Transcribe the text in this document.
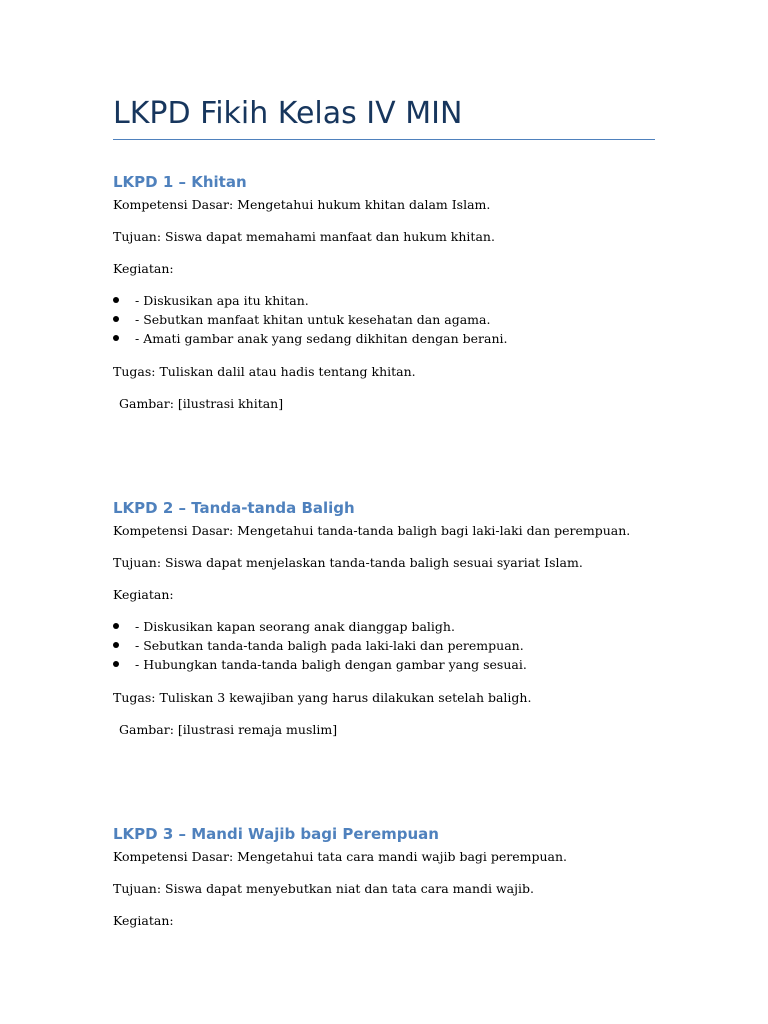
LKPD Fikih Kelas IV MIN
LKPD 1 – Khitan

Kompetensi Dasar: Mengetahui hukum khitan dalam Islam.

Tujuan: Siswa dapat memahami manfaat dan hukum khitan.

Kegiatan:

- Diskusikan apa itu khitan.
- Sebutkan manfaat khitan untuk kesehatan dan agama.
- Amati gambar anak yang sedang dikhitan dengan berani.

Tugas: Tuliskan dalil atau hadis tentang khitan.

Gambar: [ilustrasi khitan]

LKPD 2 – Tanda-tanda Baligh

Kompetensi Dasar: Mengetahui tanda-tanda baligh bagi laki-laki dan perempuan.

Tujuan: Siswa dapat menjelaskan tanda-tanda baligh sesuai syariat Islam.

Kegiatan:

- Diskusikan kapan seorang anak dianggap baligh.
- Sebutkan tanda-tanda baligh pada laki-laki dan perempuan.
- Hubungkan tanda-tanda baligh dengan gambar yang sesuai.

Tugas: Tuliskan 3 kewajiban yang harus dilakukan setelah baligh.

Gambar: [ilustrasi remaja muslim]

LKPD 3 – Mandi Wajib bagi Perempuan

Kompetensi Dasar: Mengetahui tata cara mandi wajib bagi perempuan.

Tujuan: Siswa dapat menyebutkan niat dan tata cara mandi wajib.

Kegiatan:
